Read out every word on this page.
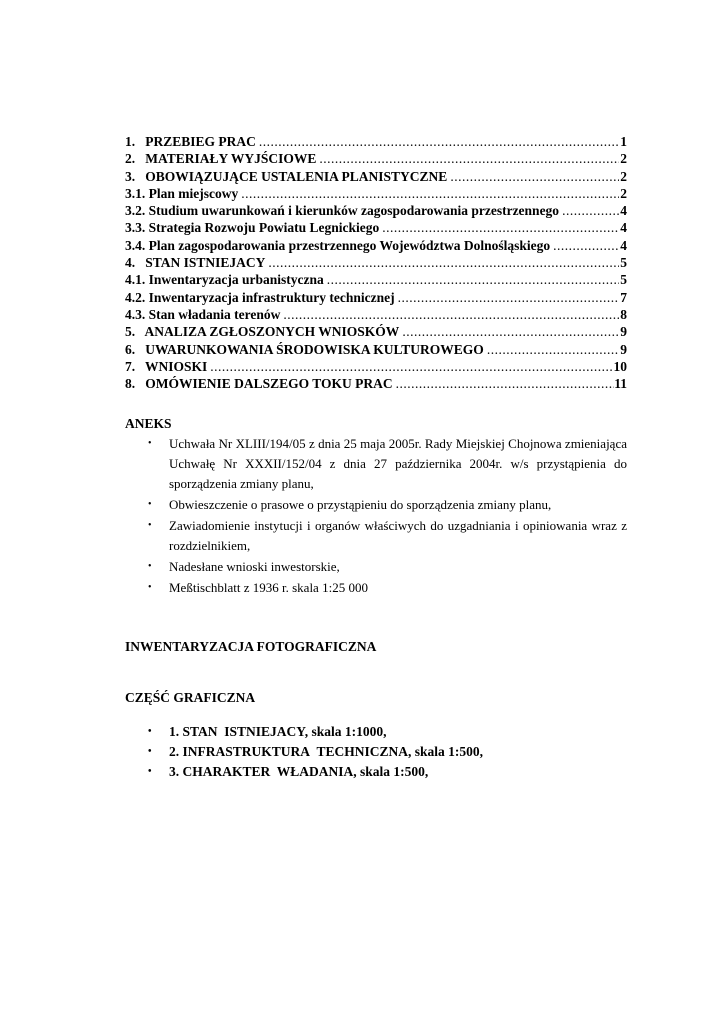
1.   PRZEBIEG PRAC .....	1
2.   MATERIAŁY WYJŚCIOWE .....	2
3.   OBOWIĄZUJĄCE USTALENIA PLANISTYCZNE .....	2
3.1. Plan miejscowy .....	2
3.2. Studium uwarunkowań i kierunków zagospodarowania przestrzennego .....	4
3.3. Strategia Rozwoju Powiatu Legnickiego .....	4
3.4. Plan zagospodarowania przestrzennego Województwa Dolnośląskiego .....	4
4.   STAN ISTNIEJACY .....	5
4.1. Inwentaryzacja urbanistyczna .....	5
4.2. Inwentaryzacja infrastruktury technicznej .....	7
4.3. Stan władania terenów .....	8
5.   ANALIZA ZGŁOSZONYCH WNIOSKÓW .....	9
6.   UWARUNKOWANIA ŚRODOWISKA KULTUROWEGO .....	9
7.   WNIOSKI .....	10
8.   OMÓWIENIE DALSZEGO TOKU PRAC .....	11
ANEKS
• Uchwała Nr XLIII/194/05 z dnia 25 maja 2005r. Rady Miejskiej Chojnowa zmieniająca Uchwałę Nr XXXII/152/04 z dnia 27 października 2004r. w/s przystąpienia do sporządzenia zmiany planu,
• Obwieszczenie o prasowe o przystąpieniu do sporządzenia zmiany planu,
• Zawiadomienie instytucji i organów właściwych do uzgadniania i opiniowania wraz z rozdzielnikiem,
• Nadesłane wnioski inwestorskie,
• Meßtischblatt z 1936 r. skala 1:25 000
INWENTARYZACJA FOTOGRAFICZNA
CZĘŚĆ GRAFICZNA
• 1. STAN  ISTNIEJACY, skala 1:1000,
• 2. INFRASTRUKTURA  TECHNICZNA, skala 1:500,
• 3. CHARAKTER  WŁADANIA, skala 1:500,
